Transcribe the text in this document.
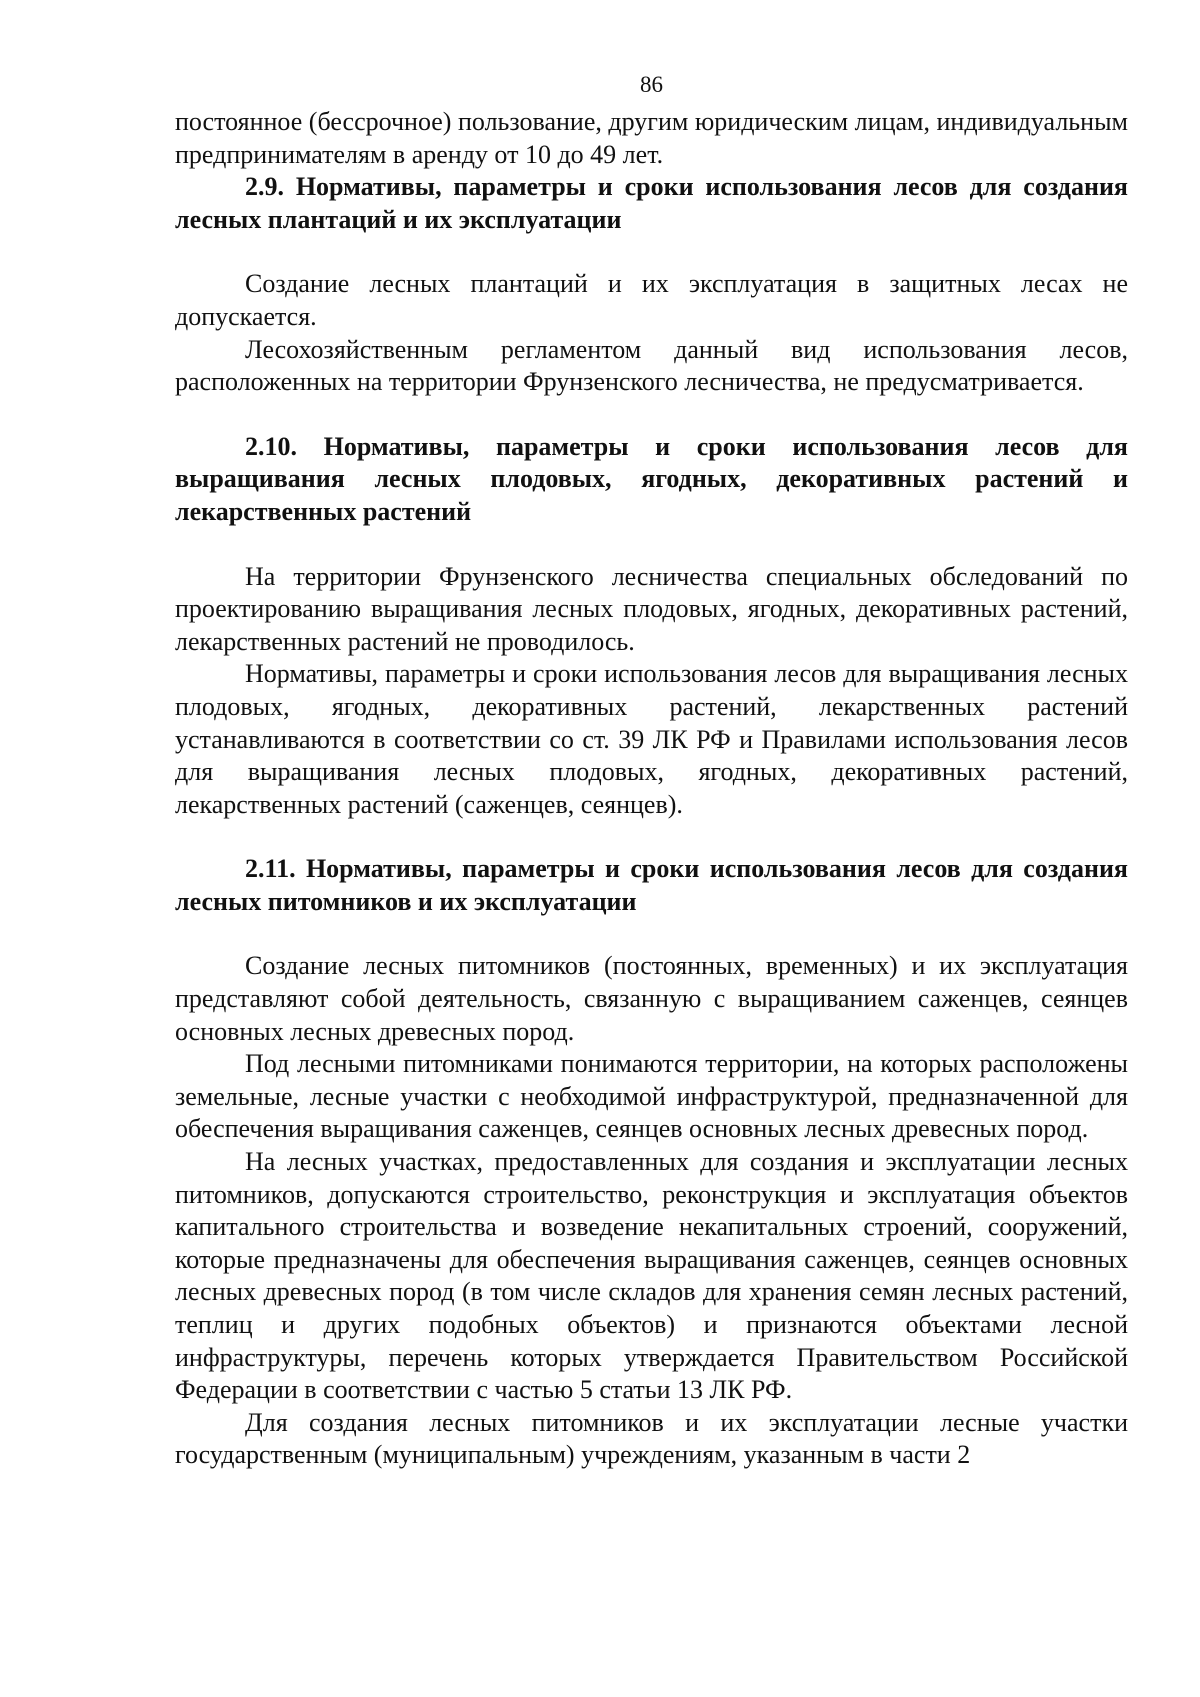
86

постоянное (бессрочное) пользование, другим юридическим лицам, индивидуальным предпринимателям в аренду от 10 до 49 лет.

2.9. Нормативы, параметры и сроки использования лесов для создания лесных плантаций и их эксплуатации

Создание лесных плантаций и их эксплуатация в защитных лесах не допускается.

Лесохозяйственным регламентом данный вид использования лесов, расположенных на территории Фрунзенского лесничества, не предусматривается.

2.10. Нормативы, параметры и сроки использования лесов для выращивания лесных плодовых, ягодных, декоративных растений и лекарственных растений

На территории Фрунзенского лесничества специальных обследований по проектированию выращивания лесных плодовых, ягодных, декоративных растений, лекарственных растений не проводилось.

Нормативы, параметры и сроки использования лесов для выращивания лесных плодовых, ягодных, декоративных растений, лекарственных растений устанавливаются в соответствии со ст. 39 ЛК РФ и Правилами использования лесов для выращивания лесных плодовых, ягодных, декоративных растений, лекарственных растений (саженцев, сеянцев).

2.11. Нормативы, параметры и сроки использования лесов для создания лесных питомников и их эксплуатации

Создание лесных питомников (постоянных, временных) и их эксплуатация представляют собой деятельность, связанную с выращиванием саженцев, сеянцев основных лесных древесных пород.

Под лесными питомниками понимаются территории, на которых расположены земельные, лесные участки с необходимой инфраструктурой, предназначенной для обеспечения выращивания саженцев, сеянцев основных лесных древесных пород.

На лесных участках, предоставленных для создания и эксплуатации лесных питомников, допускаются строительство, реконструкция и эксплуатация объектов капитального строительства и возведение некапитальных строений, сооружений, которые предназначены для обеспечения выращивания саженцев, сеянцев основных лесных древесных пород (в том числе складов для хранения семян лесных растений, теплиц и других подобных объектов) и признаются объектами лесной инфраструктуры, перечень которых утверждается Правительством Российской Федерации в соответствии с частью 5 статьи 13 ЛК РФ.

Для создания лесных питомников и их эксплуатации лесные участки государственным (муниципальным) учреждениям, указанным в части 2
